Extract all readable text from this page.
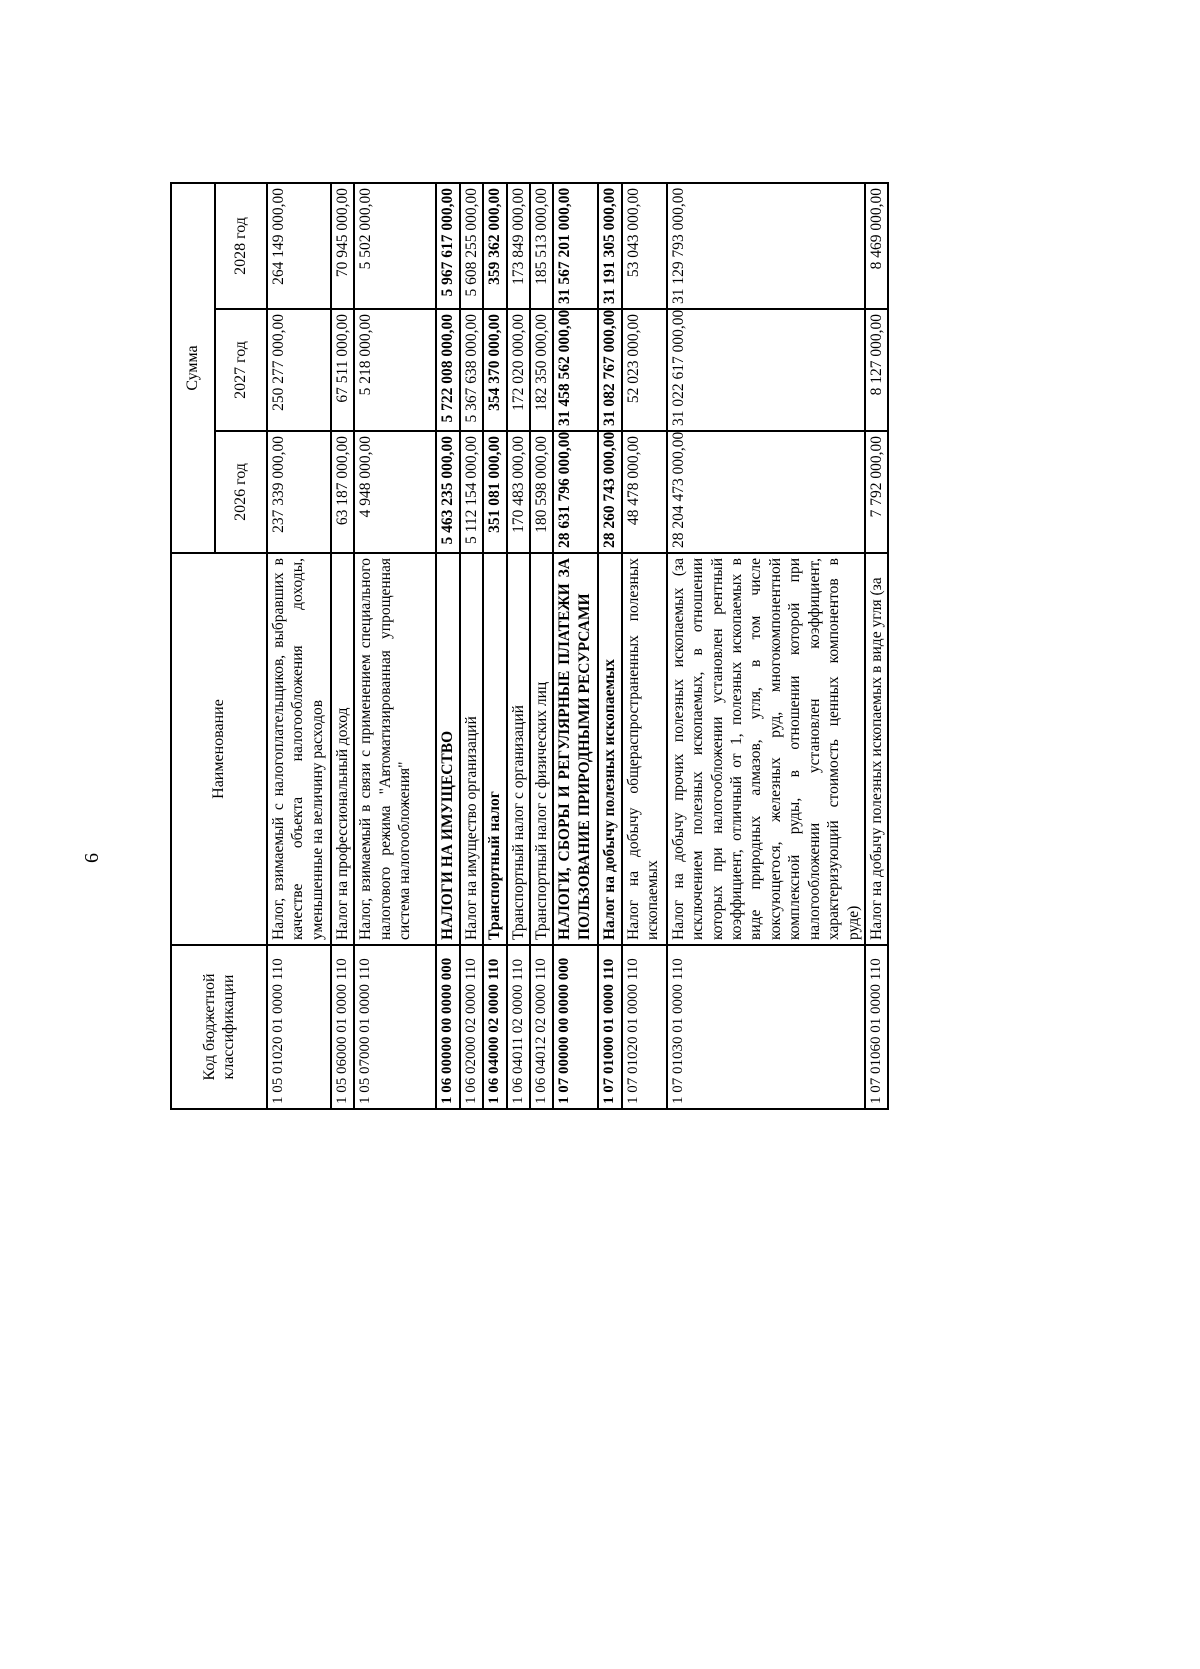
6
Код бюджетной классификации	Наименование	Сумма		
		2026 год	2027 год	2028 год
1 05 01020 01 0000 110	Налог, взимаемый с налогоплательщиков, выбравших в качестве объекта налогообложения доходы, уменьшенные на величину расходов	237 339 000,00	250 277 000,00	264 149 000,00
1 05 06000 01 0000 110	Налог на профессиональный доход	63 187 000,00	67 511 000,00	70 945 000,00
1 05 07000 01 0000 110	Налог, взимаемый в связи с применением специального налогового режима "Автоматизированная упрощенная система налогообложения"	4 948 000,00	5 218 000,00	5 502 000,00
1 06 00000 00 0000 000	НАЛОГИ НА ИМУЩЕСТВО	5 463 235 000,00	5 722 008 000,00	5 967 617 000,00
1 06 02000 02 0000 110	Налог на имущество организаций	5 112 154 000,00	5 367 638 000,00	5 608 255 000,00
1 06 04000 02 0000 110	Транспортный налог	351 081 000,00	354 370 000,00	359 362 000,00
1 06 04011 02 0000 110	Транспортный налог с организаций	170 483 000,00	172 020 000,00	173 849 000,00
1 06 04012 02 0000 110	Транспортный налог с физических лиц	180 598 000,00	182 350 000,00	185 513 000,00
1 07 00000 00 0000 000	НАЛОГИ, СБОРЫ И РЕГУЛЯРНЫЕ ПЛАТЕЖИ ЗА ПОЛЬЗОВАНИЕ ПРИРОДНЫМИ РЕСУРСАМИ	28 631 796 000,00	31 458 562 000,00	31 567 201 000,00
1 07 01000 01 0000 110	Налог на добычу полезных ископаемых	28 260 743 000,00	31 082 767 000,00	31 191 305 000,00
1 07 01020 01 0000 110	Налог на добычу общераспространенных полезных ископаемых	48 478 000,00	52 023 000,00	53 043 000,00
1 07 01030 01 0000 110	Налог на добычу прочих полезных ископаемых (за исключением полезных ископаемых, в отношении которых при налогообложении установлен рентный коэффициент, отличный от 1, полезных ископаемых в виде природных алмазов, угля, в том числе коксующегося, железных руд, многокомпонентной комплексной руды, в отношении которой при налогообложении установлен коэффициент, характеризующий стоимость ценных компонентов в руде)	28 204 473 000,00	31 022 617 000,00	31 129 793 000,00
1 07 01060 01 0000 110	Налог на добычу полезных ископаемых в виде угля (за	7 792 000,00	8 127 000,00	8 469 000,00
